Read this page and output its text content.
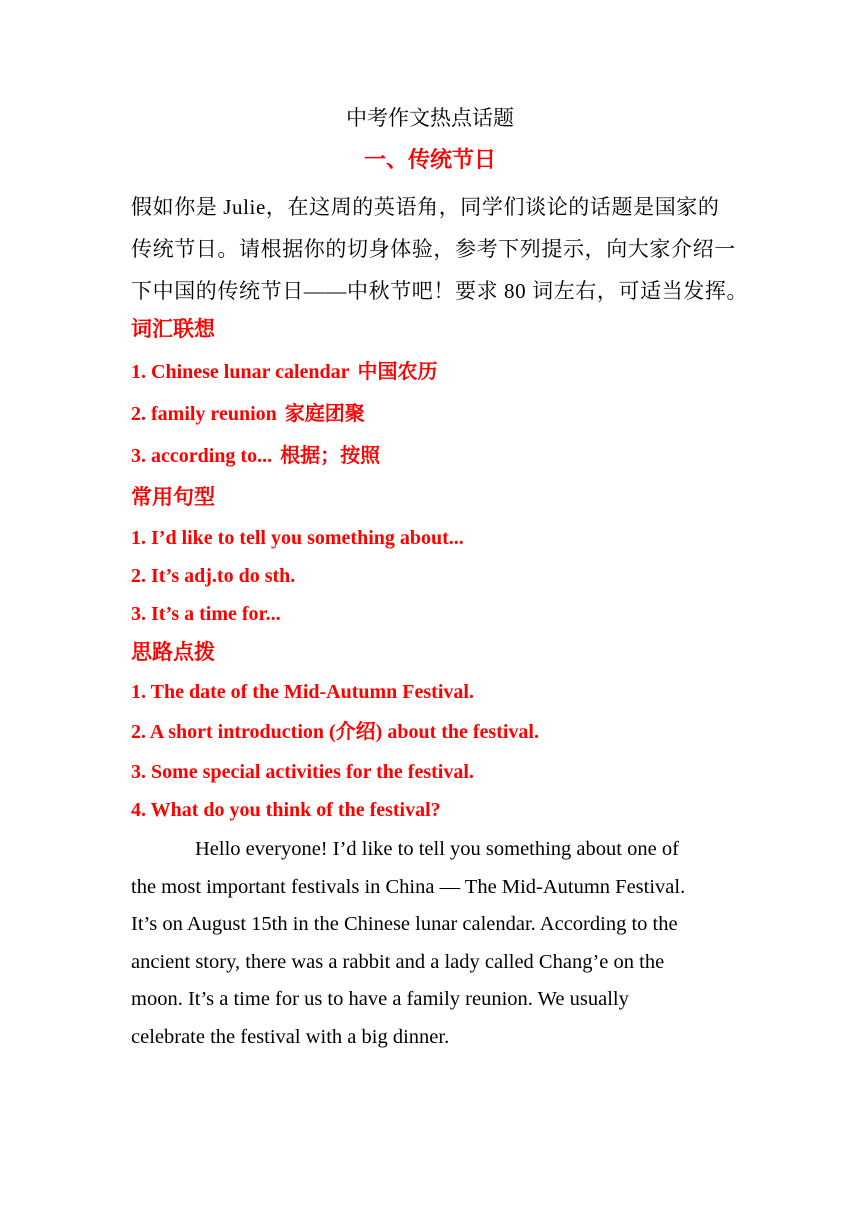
中考作文热点话题
一、传统节日
假如你是 Julie，在这周的英语角，同学们谈论的话题是国家的
传统节日。请根据你的切身体验，参考下列提示，向大家介绍一
下中国的传统节日——中秋节吧！要求 80 词左右，可适当发挥。
词汇联想
1. Chinese lunar calendar 中国农历
2. family reunion 家庭团聚
3. according to... 根据；按照
常用句型
1. I’d like to tell you something about...
2. It’s adj.to do sth.
3. It’s a time for...
思路点拨
1. The date of the Mid-Autumn Festival.
2. A short introduction (介绍) about the festival.
3. Some special activities for the festival.
4. What do you think of the festival?
Hello everyone! I’d like to tell you something about one of
the most important festivals in China — The Mid-Autumn Festival.
It’s on August 15th in the Chinese lunar calendar. According to the
ancient story, there was a rabbit and a lady called Chang’e on the
moon. It’s a time for us to have a family reunion. We usually
celebrate the festival with a big dinner.
